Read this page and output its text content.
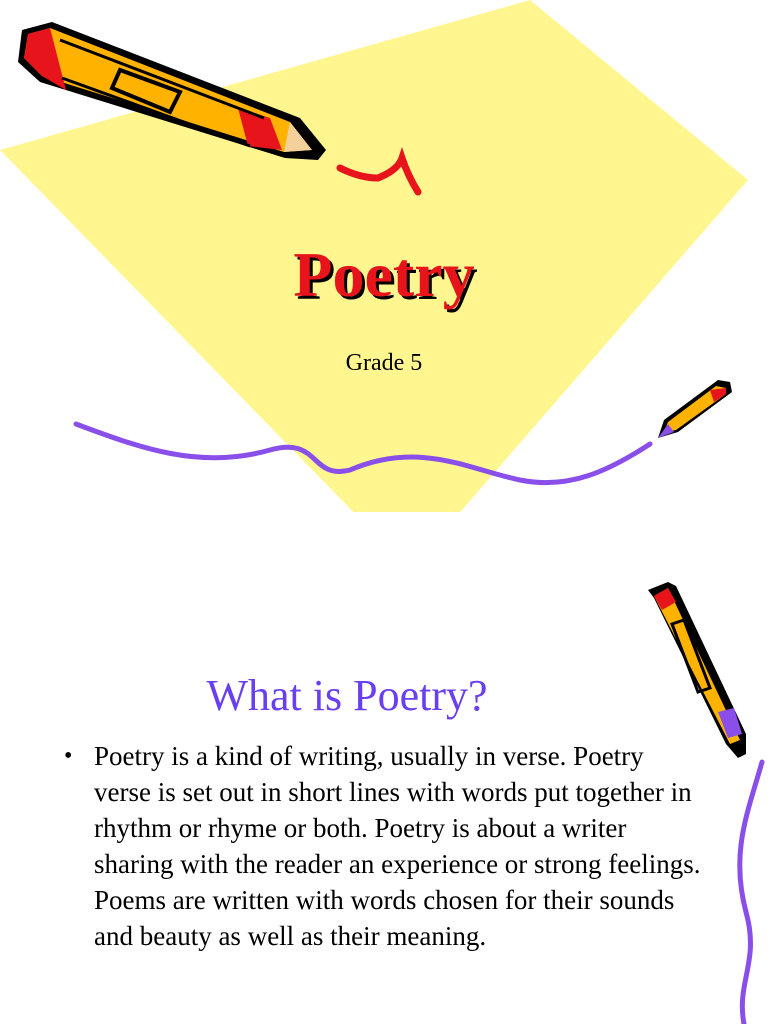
Poetry
Grade 5
What is Poetry?
• Poetry is a kind of writing, usually in verse. Poetry verse is set out in short lines with words put together in rhythm or rhyme or both. Poetry is about a writer sharing with the reader an experience or strong feelings. Poems are written with words chosen for their sounds and beauty as well as their meaning.
